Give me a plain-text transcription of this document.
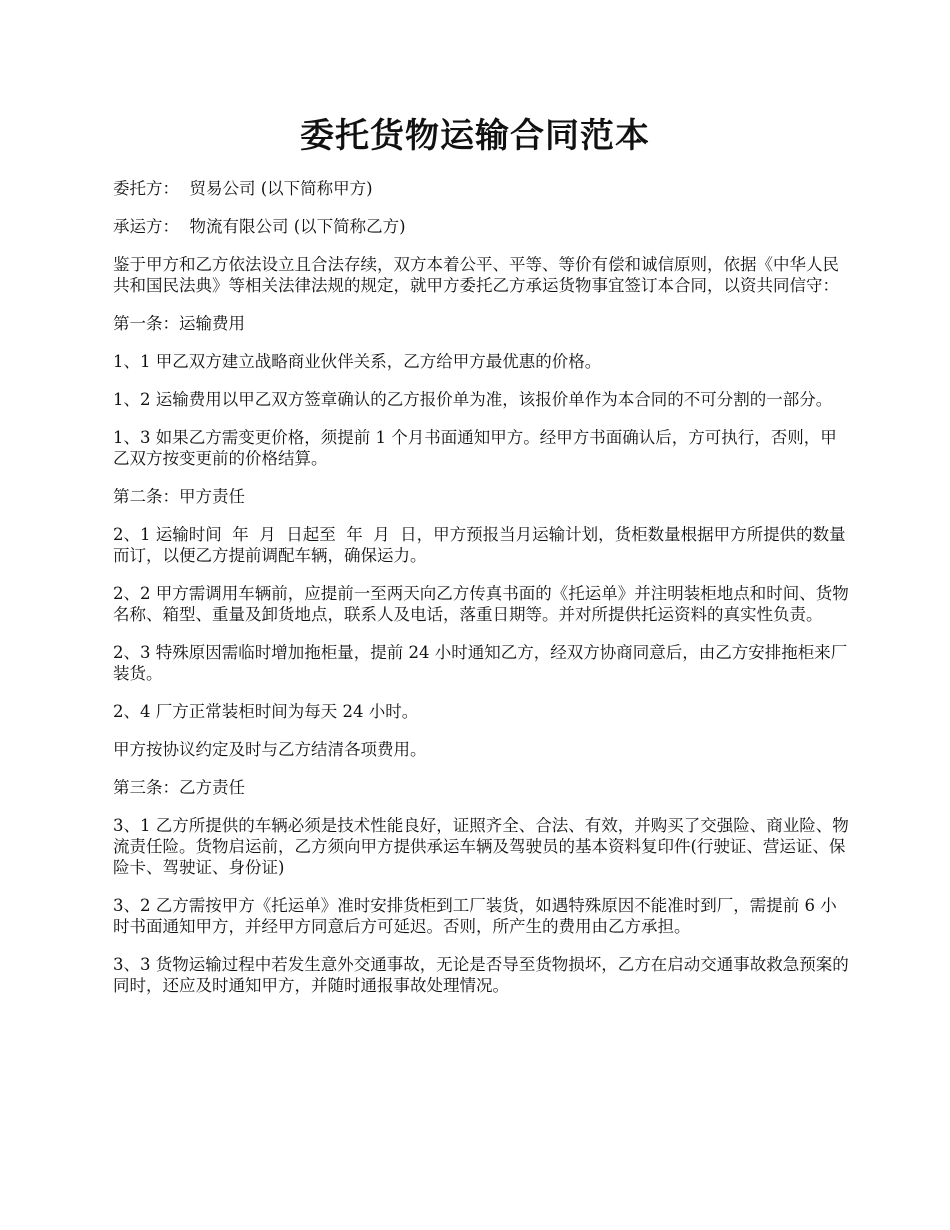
委托货物运输合同范本

委托方：  贸易公司 (以下简称甲方)

承运方：  物流有限公司 (以下简称乙方)

鉴于甲方和乙方依法设立且合法存续，双方本着公平、平等、等价有偿和诚信原则，依据《中华人民共和国民法典》等相关法律法规的规定，就甲方委托乙方承运货物事宜签订本合同，以资共同信守：

第一条：运输费用

1、1 甲乙双方建立战略商业伙伴关系，乙方给甲方最优惠的价格。

1、2 运输费用以甲乙双方签章确认的乙方报价单为准，该报价单作为本合同的不可分割的一部分。

1、3 如果乙方需变更价格，须提前 1 个月书面通知甲方。经甲方书面确认后，方可执行，否则，甲乙双方按变更前的价格结算。

第二条：甲方责任

2、1 运输时间  年  月  日起至  年  月  日，甲方预报当月运输计划，货柜数量根据甲方所提供的数量而订，以便乙方提前调配车辆，确保运力。

2、2 甲方需调用车辆前，应提前一至两天向乙方传真书面的《托运单》并注明装柜地点和时间、货物名称、箱型、重量及卸货地点，联系人及电话，落重日期等。并对所提供托运资料的真实性负责。

2、3 特殊原因需临时增加拖柜量，提前 24 小时通知乙方，经双方协商同意后，由乙方安排拖柜来厂装货。

2、4 厂方正常装柜时间为每天 24 小时。

甲方按协议约定及时与乙方结清各项费用。

第三条：乙方责任

3、1 乙方所提供的车辆必须是技术性能良好，证照齐全、合法、有效，并购买了交强险、商业险、物流责任险。货物启运前，乙方须向甲方提供承运车辆及驾驶员的基本资料复印件(行驶证、营运证、保险卡、驾驶证、身份证)

3、2 乙方需按甲方《托运单》准时安排货柜到工厂装货，如遇特殊原因不能准时到厂，需提前 6 小时书面通知甲方，并经甲方同意后方可延迟。否则，所产生的费用由乙方承担。

3、3 货物运输过程中若发生意外交通事故，无论是否导至货物损坏，乙方在启动交通事故救急预案的同时，还应及时通知甲方，并随时通报事故处理情况。
